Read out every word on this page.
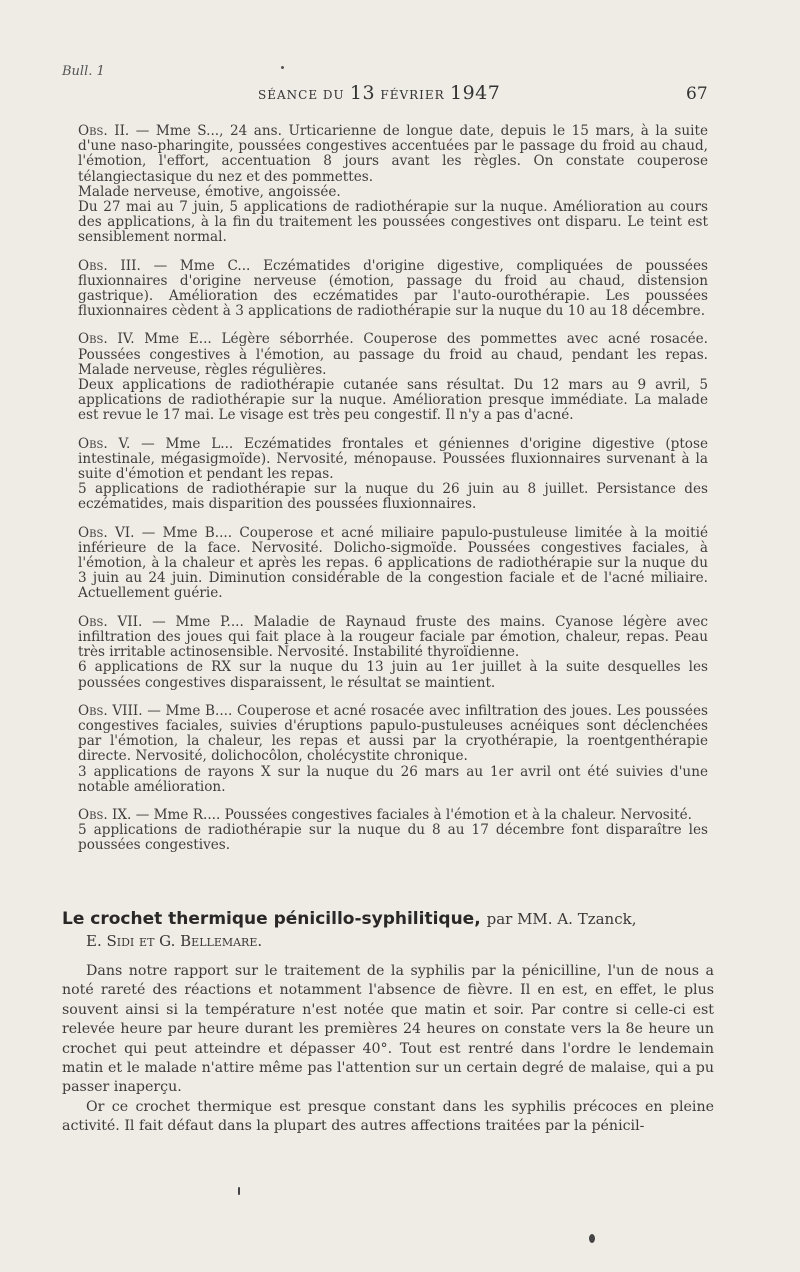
Bull. 1
SÉANCE DU 13 FÉVRIER 1947	67

Obs. II. — Mme S..., 24 ans. Urticarienne de longue date, depuis le 15 mars, à la suite d'une naso-pharingite, poussées congestives accentuées par le passage du froid au chaud, l'émotion, l'effort, accentuation 8 jours avant les règles. On constate couperose télangiectasique du nez et des pommettes.

Malade nerveuse, émotive, angoissée.

Du 27 mai au 7 juin, 5 applications de radiothérapie sur la nuque. Amélioration au cours des applications, à la fin du traitement les poussées congestives ont disparu. Le teint est sensiblement normal.

Obs. III. — Mme C... Eczématides d'origine digestive, compliquées de poussées fluxionnaires d'origine nerveuse (émotion, passage du froid au chaud, distension gastrique). Amélioration des eczématides par l'auto-ourothérapie. Les poussées fluxionnaires cèdent à 3 applications de radiothérapie sur la nuque du 10 au 18 décembre.

Obs. IV. Mme E... Légère séborrhée. Couperose des pommettes avec acné rosacée. Poussées congestives à l'émotion, au passage du froid au chaud, pendant les repas. Malade nerveuse, règles régulières.

Deux applications de radiothérapie cutanée sans résultat. Du 12 mars au 9 avril, 5 applications de radiothérapie sur la nuque. Amélioration presque immédiate. La malade est revue le 17 mai. Le visage est très peu congestif. Il n'y a pas d'acné.

Obs. V. — Mme L... Eczématides frontales et géniennes d'origine digestive (ptose intestinale, mégasigmoïde). Nervosité, ménopause. Poussées fluxionnaires survenant à la suite d'émotion et pendant les repas.

5 applications de radiothérapie sur la nuque du 26 juin au 8 juillet. Persistance des eczématides, mais disparition des poussées fluxionnaires.

Obs. VI. — Mme B.... Couperose et acné miliaire papulo-pustuleuse limitée à la moitié inférieure de la face. Nervosité. Dolicho-sigmoïde. Poussées congestives faciales, à l'émotion, à la chaleur et après les repas. 6 applications de radiothérapie sur la nuque du 3 juin au 24 juin. Diminution considérable de la congestion faciale et de l'acné miliaire. Actuellement guérie.

Obs. VII. — Mme P.... Maladie de Raynaud fruste des mains. Cyanose légère avec infiltration des joues qui fait place à la rougeur faciale par émotion, chaleur, repas. Peau très irritable actinosensible. Nervosité. Instabilité thyroïdienne.

6 applications de RX sur la nuque du 13 juin au 1er juillet à la suite desquelles les poussées congestives disparaissent, le résultat se maintient.

Obs. VIII. — Mme B.... Couperose et acné rosacée avec infiltration des joues. Les poussées congestives faciales, suivies d'éruptions papulo-pustuleuses acnéiques sont déclenchées par l'émotion, la chaleur, les repas et aussi par la cryothérapie, la roentgenthérapie directe. Nervosité, dolichocôlon, cholécystite chronique.

3 applications de rayons X sur la nuque du 26 mars au 1er avril ont été suivies d'une notable amélioration.

Obs. IX. — Mme R.... Poussées congestives faciales à l'émotion et à la chaleur. Nervosité.

5 applications de radiothérapie sur la nuque du 8 au 17 décembre font disparaître les poussées congestives.

Le crochet thermique pénicillo-syphilitique, par MM. A. Tzanck,
E. Sidi et G. Bellemare.

Dans notre rapport sur le traitement de la syphilis par la pénicilline, l'un de nous a noté rareté des réactions et notamment l'absence de fièvre. Il en est, en effet, le plus souvent ainsi si la température n'est notée que matin et soir. Par contre si celle-ci est relevée heure par heure durant les premières 24 heures on constate vers la 8e heure un crochet qui peut atteindre et dépasser 40°. Tout est rentré dans l'ordre le lendemain matin et le malade n'attire même pas l'attention sur un certain degré de malaise, qui a pu passer inaperçu.

Or ce crochet thermique est presque constant dans les syphilis précoces en pleine activité. Il fait défaut dans la plupart des autres affections traitées par la pénicil-
